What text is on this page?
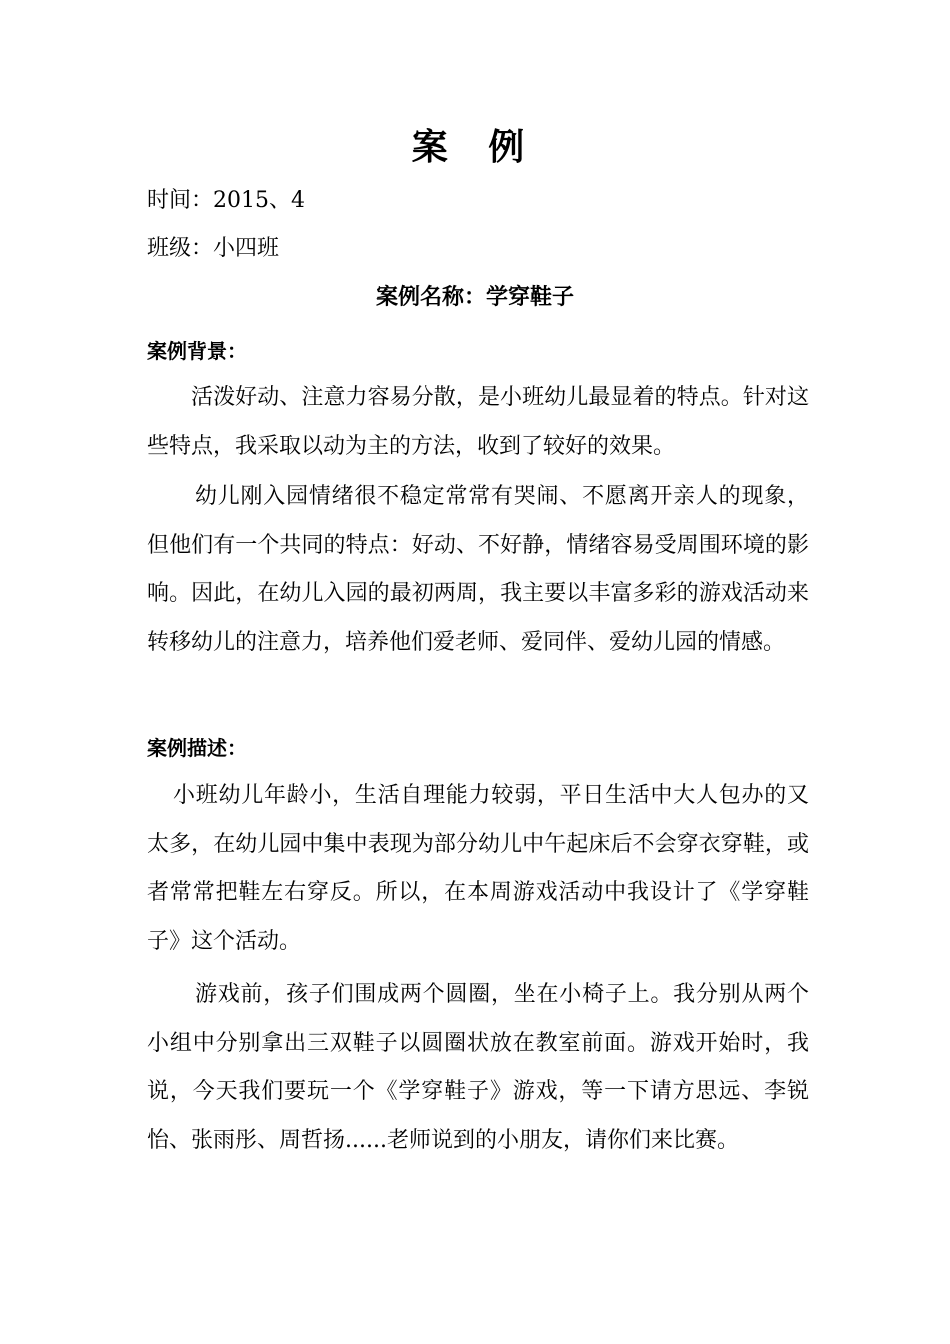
案 例
时间：2015、4
班级：小四班
案例名称：学穿鞋子
案例背景：

活泼好动、注意力容易分散，是小班幼儿最显着的特点。针对这些特点，我采取以动为主的方法，收到了较好的效果。

幼儿刚入园情绪很不稳定常常有哭闹、不愿离开亲人的现象，但他们有一个共同的特点：好动、不好静，情绪容易受周围环境的影响。因此，在幼儿入园的最初两周，我主要以丰富多彩的游戏活动来转移幼儿的注意力，培养他们爱老师、爱同伴、爱幼儿园的情感。

案例描述：

小班幼儿年龄小，生活自理能力较弱，平日生活中大人包办的又太多，在幼儿园中集中表现为部分幼儿中午起床后不会穿衣穿鞋，或者常常把鞋左右穿反。所以，在本周游戏活动中我设计了《学穿鞋子》这个活动。

游戏前，孩子们围成两个圆圈，坐在小椅子上。我分别从两个小组中分别拿出三双鞋子以圆圈状放在教室前面。游戏开始时，我说，今天我们要玩一个《学穿鞋子》游戏，等一下请方思远、李锐怡、张雨彤、周哲扬......老师说到的小朋友，请你们来比赛。
